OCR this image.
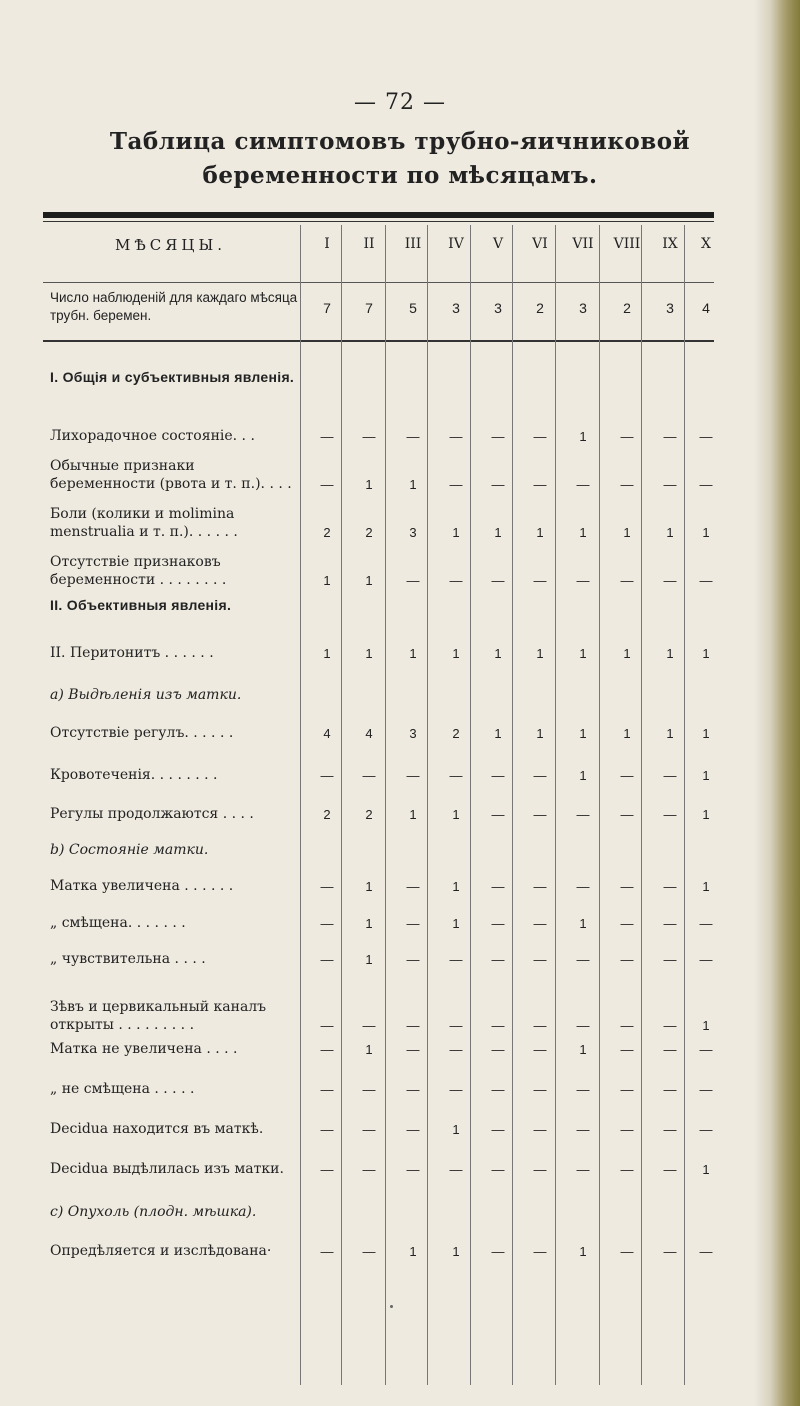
— 72 —
Таблица симптомовъ трубно-яичниковой беременности по мѣсяцамъ.
МѢСЯЦЫ.	I	II	III	IV	V	VI	VII	VIII	IX	X
Число наблюденій для каждаго мѣсяца трубн. беремен.	7	7	5	3	3	2	3	2	3	4
I. Общія и субъективныя явленія.
Лихорадочное состояніе. . .	—	—	—	—	—	—	1	—	—	—
Обычные признаки беременности (рвота и т. п.). . . .	—	1	1	—	—	—	—	—	—	—
Боли (колики и molimina menstrualia и т. п.). . . . . .	2	2	3	1	1	1	1	1	1	1
Отсутствіе признаковъ беременности . . . . . . . .	1	1	—	—	—	—	—	—	—	—
II. Объективныя явленія.
II. Перитонитъ . . . . . .	1	1	1	1	1	1	1	1	1	1
a) Выдѣленія изъ матки.
Отсутствіе регулъ. . . . . .	4	4	3	2	1	1	1	1	1	1
Кровотеченія. . . . . . . .	—	—	—	—	—	—	1	—	—	1
Регулы продолжаются . . . .	2	2	1	1	—	—	—	—	—	1
b) Состояніе матки.
Матка увеличена . . . . . .	—	1	—	1	—	—	—	—	—	1
„ смѣщена. . . . . . .	—	1	—	1	—	—	1	—	—	—
„ чувствительна . . . .	—	1	—	—	—	—	—	—	—	—
Зѣвъ и цервикальный каналъ открыты . . . . . . . . .	—	—	—	—	—	—	—	—	—	1
Матка не увеличена . . . .	—	1	—	—	—	—	1	—	—	—
„ не смѣщена . . . . .	—	—	—	—	—	—	—	—	—	—
Decidua находится въ маткѣ.	—	—	—	1	—	—	—	—	—	—
Decidua выдѣлилась изъ матки.	—	—	—	—	—	—	—	—	—	1
c) Опухоль (плодн. мѣшка).
Опредѣляется и изслѣдована·	—	—	1	1	—	—	1	—	—	—
